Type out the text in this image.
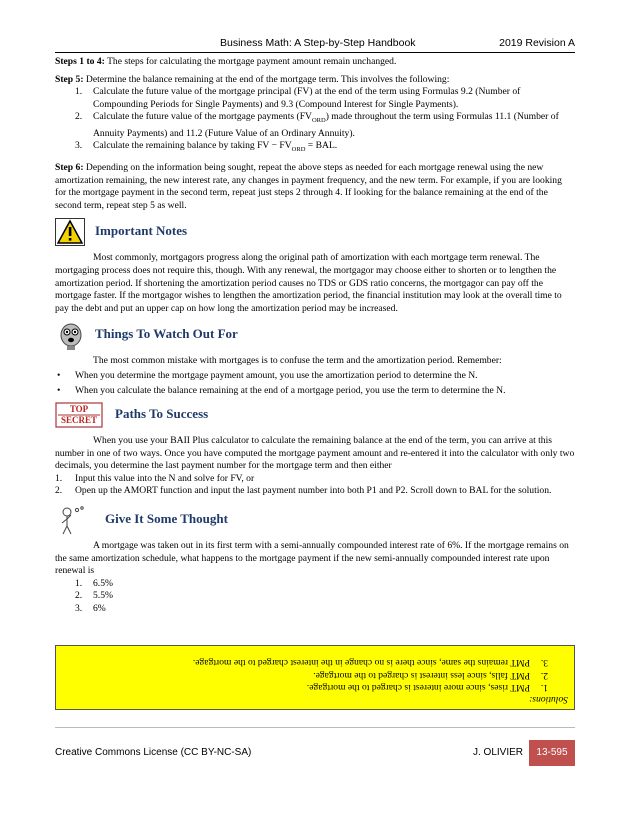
Business Math: A Step-by-Step Handbook	2019 Revision A

Steps 1 to 4: The steps for calculating the mortgage payment amount remain unchanged.

Step 5: Determine the balance remaining at the end of the mortgage term. This involves the following:

1. Calculate the future value of the mortgage principal (FV) at the end of the term using Formulas 9.2 (Number of Compounding Periods for Single Payments) and 9.3 (Compound Interest for Single Payments).
2. Calculate the future value of the mortgage payments $(FV_{ORD})$ made throughout the term using Formulas 11.1 (Number of Annuity Payments) and 11.2 (Future Value of an Ordinary Annuity).
3. Calculate the remaining balance by taking FV − $FV_{ORD}$ = BAL.

Step 6: Depending on the information being sought, repeat the above steps as needed for each mortgage renewal using the new amortization remaining, the new interest rate, any changes in payment frequency, and the new term. For example, if you are looking for the mortgage payment in the second term, repeat just steps 2 through 4. If looking for the balance remaining at the end of the second term, repeat step 5 as well.

Important Notes

Most commonly, mortgagors progress along the original path of amortization with each mortgage term renewal. The mortgaging process does not require this, though. With any renewal, the mortgagor may choose either to shorten or to lengthen the amortization period. If shortening the amortization period causes no TDS or GDS ratio concerns, the mortgagor can pay off the mortgage faster. If the mortgagor wishes to lengthen the amortization period, the financial institution may look at the overall time to pay the debt and put an upper cap on how long the amortization period may be increased.

Things To Watch Out For

The most common mistake with mortgages is to confuse the term and the amortization period. Remember:

• When you determine the mortgage payment amount, you use the amortization period to determine the N.
• When you calculate the balance remaining at the end of a mortgage period, you use the term to determine the N.
TOP
SECRET	Paths To Success

When you use your BAII Plus calculator to calculate the remaining balance at the end of the term, you can arrive at this number in one of two ways. Once you have computed the mortgage payment amount and re-entered it into the calculator with only two decimals, you determine the last payment number for the mortgage term and then either

1. Input this value into the N and solve for FV, or
2. Open up the AMORT function and input the last payment number into both P1 and P2. Scroll down to BAL for the solution.
Give It Some Thought

A mortgage was taken out in its first term with a semi-annually compounded interest rate of 6%. If the mortgage remains on the same amortization schedule, what happens to the mortgage payment if the new semi-annually compounded interest rate upon renewal is

1. 6.5%
2. 5.5%
3. 6%
Solutions:
1.
PMT rises, since more interest is charged to the mortgage.
2.
PMT falls, since less interest is charged to the mortgage.
3.
PMT remains the same, since there is no change in the interest charged to the mortgage.
Creative Commons License (CC BY-NC-SA)	J. OLIVIER	13-595
